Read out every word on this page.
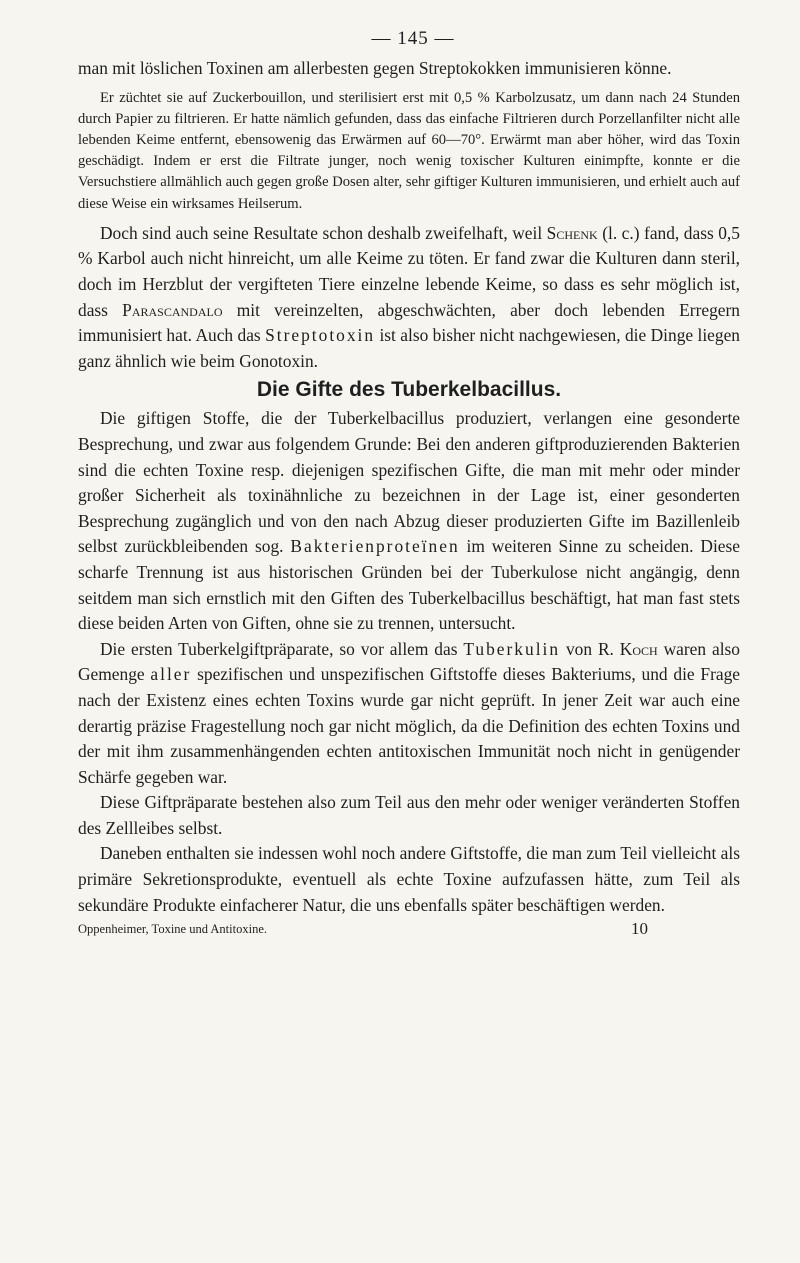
— 145 —

man mit löslichen Toxinen am allerbesten gegen Streptokokken immunisieren könne.

Er züchtet sie auf Zuckerbouillon, und sterilisiert erst mit 0,5 % Karbolzusatz, um dann nach 24 Stunden durch Papier zu filtrieren. Er hatte nämlich gefunden, dass das einfache Filtrieren durch Porzellanfilter nicht alle lebenden Keime entfernt, ebensowenig das Erwärmen auf 60—70°. Erwärmt man aber höher, wird das Toxin geschädigt. Indem er erst die Filtrate junger, noch wenig toxischer Kulturen einimpfte, konnte er die Versuchstiere allmählich auch gegen große Dosen alter, sehr giftiger Kulturen immunisieren, und erhielt auch auf diese Weise ein wirksames Heilserum.

Doch sind auch seine Resultate schon deshalb zweifelhaft, weil Schenk (l. c.) fand, dass 0,5 % Karbol auch nicht hinreicht, um alle Keime zu töten. Er fand zwar die Kulturen dann steril, doch im Herzblut der vergifteten Tiere einzelne lebende Keime, so dass es sehr möglich ist, dass Parascandalo mit vereinzelten, abgeschwächten, aber doch lebenden Erregern immunisiert hat. Auch das Streptotoxin ist also bisher nicht nachgewiesen, die Dinge liegen ganz ähnlich wie beim Gonotoxin.

Die Gifte des Tuberkelbacillus.

Die giftigen Stoffe, die der Tuberkelbacillus produziert, verlangen eine gesonderte Besprechung, und zwar aus folgendem Grunde: Bei den anderen giftproduzierenden Bakterien sind die echten Toxine resp. diejenigen spezifischen Gifte, die man mit mehr oder minder großer Sicherheit als toxinähnliche zu bezeichnen in der Lage ist, einer gesonderten Besprechung zugänglich und von den nach Abzug dieser produzierten Gifte im Bazillenleib selbst zurückbleibenden sog. Bakterienproteïnen im weiteren Sinne zu scheiden. Diese scharfe Trennung ist aus historischen Gründen bei der Tuberkulose nicht angängig, denn seitdem man sich ernstlich mit den Giften des Tuberkelbacillus beschäftigt, hat man fast stets diese beiden Arten von Giften, ohne sie zu trennen, untersucht.

Die ersten Tuberkelgiftpräparate, so vor allem das Tuberkulin von R. Koch waren also Gemenge aller spezifischen und unspezifischen Giftstoffe dieses Bakteriums, und die Frage nach der Existenz eines echten Toxins wurde gar nicht geprüft. In jener Zeit war auch eine derartig präzise Fragestellung noch gar nicht möglich, da die Definition des echten Toxins und der mit ihm zusammenhängenden echten antitoxischen Immunität noch nicht in genügender Schärfe gegeben war.

Diese Giftpräparate bestehen also zum Teil aus den mehr oder weniger veränderten Stoffen des Zellleibes selbst.

Daneben enthalten sie indessen wohl noch andere Giftstoffe, die man zum Teil vielleicht als primäre Sekretionsprodukte, eventuell als echte Toxine aufzufassen hätte, zum Teil als sekundäre Produkte einfacherer Natur, die uns ebenfalls später beschäftigen werden.

Oppenheimer, Toxine und Antitoxine.	10
